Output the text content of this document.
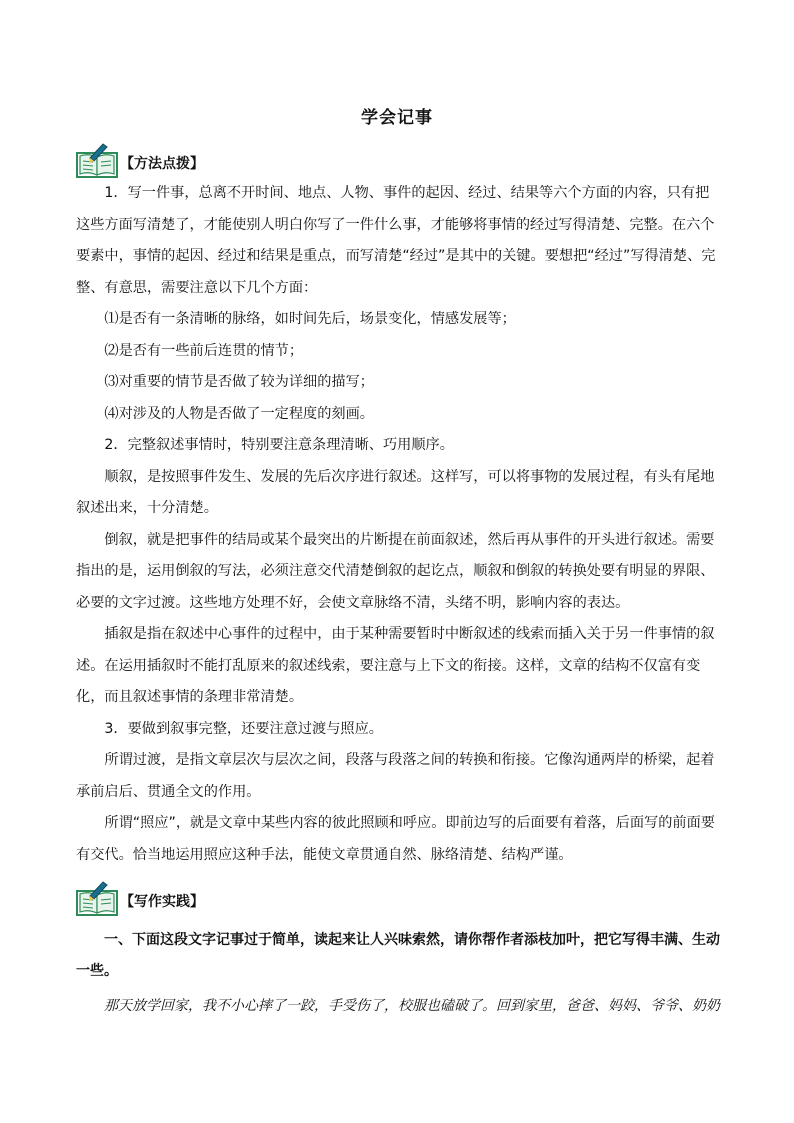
学会记事
【方法点拨】

1．写一件事，总离不开时间、地点、人物、事件的起因、经过、结果等六个方面的内容，只有把这些方面写清楚了，才能使别人明白你写了一件什么事，才能够将事情的经过写得清楚、完整。在六个要素中，事情的起因、经过和结果是重点，而写清楚“经过”是其中的关键。要想把“经过”写得清楚、完整、有意思，需要注意以下几个方面：

⑴是否有一条清晰的脉络，如时间先后，场景变化，情感发展等；

⑵是否有一些前后连贯的情节；

⑶对重要的情节是否做了较为详细的描写；

⑷对涉及的人物是否做了一定程度的刻画。

2．完整叙述事情时，特别要注意条理清晰、巧用顺序。

顺叙，是按照事件发生、发展的先后次序进行叙述。这样写，可以将事物的发展过程，有头有尾地叙述出来，十分清楚。

倒叙，就是把事件的结局或某个最突出的片断提在前面叙述，然后再从事件的开头进行叙述。需要指出的是，运用倒叙的写法，必须注意交代清楚倒叙的起讫点，顺叙和倒叙的转换处要有明显的界限、必要的文字过渡。这些地方处理不好，会使文章脉络不清，头绪不明，影响内容的表达。

插叙是指在叙述中心事件的过程中，由于某种需要暂时中断叙述的线索而插入关于另一件事情的叙述。在运用插叙时不能打乱原来的叙述线索，要注意与上下文的衔接。这样，文章的结构不仅富有变化，而且叙述事情的条理非常清楚。

3．要做到叙事完整，还要注意过渡与照应。

所谓过渡，是指文章层次与层次之间，段落与段落之间的转换和衔接。它像沟通两岸的桥梁，起着承前启后、贯通全文的作用。

所谓“照应”，就是文章中某些内容的彼此照顾和呼应。即前边写的后面要有着落，后面写的前面要有交代。恰当地运用照应这种手法，能使文章贯通自然、脉络清楚、结构严谨。

【写作实践】

一、下面这段文字记事过于简单，读起来让人兴味索然，请你帮作者添枝加叶，把它写得丰满、生动一些。

那天放学回家，我不小心摔了一跤，手受伤了，校服也磕破了。回到家里，爸爸、妈妈、爷爷、奶奶
